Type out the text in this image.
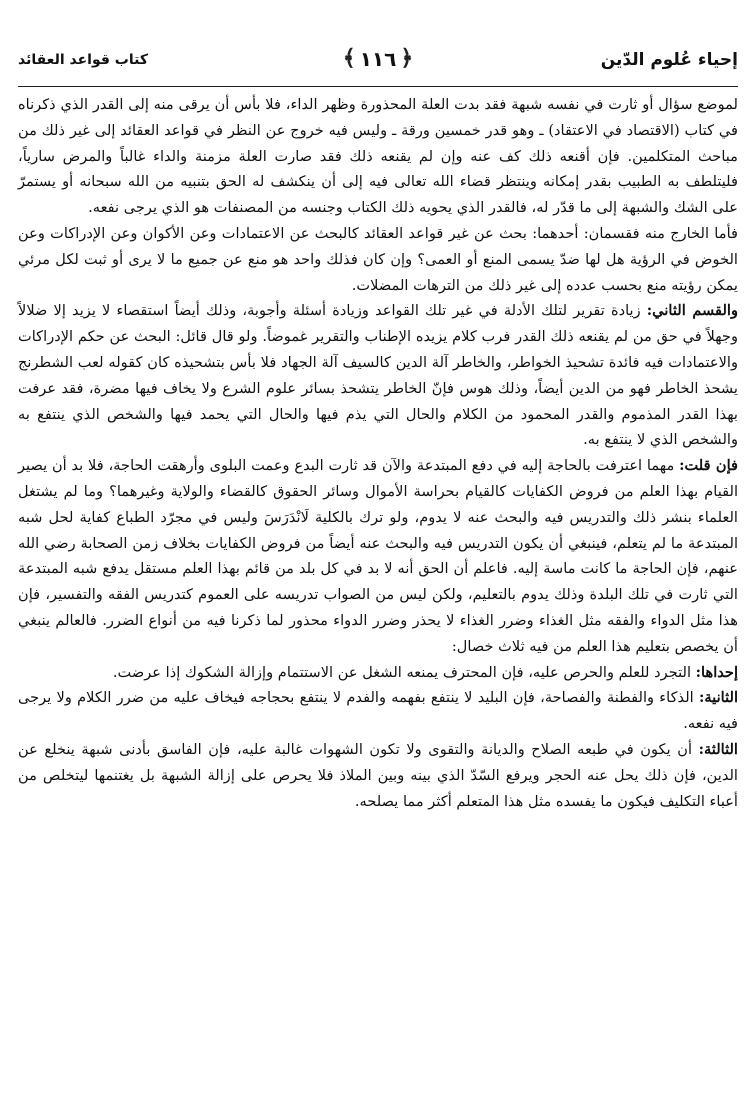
إحياء عُلوم الدّين
﴿
١١٦
﴾
كتاب قواعد العقائد

لموضع سؤال أو ثارت في نفسه شبهة فقد بدت العلة المحذورة وظهر الداء، فلا بأس أن يرقى منه إلى القدر الذي ذكرناه في كتاب (الاقتصاد في الاعتقاد) ـ وهو قدر خمسين ورقة ـ وليس فيه خروج عن النظر في قواعد العقائد إلى غير ذلك من مباحث المتكلمين. فإن أقنعه ذلك كف عنه وإن لم يقنعه ذلك فقد صارت العلة مزمنة والداء غالباً والمرض سارياً، فليتلطف به الطبيب بقدر إمكانه وينتظر قضاء الله تعالى فيه إلى أن ينكشف له الحق بتنبيه من الله سبحانه أو يستمرّ على الشك والشبهة إلى ما قدّر له، فالقدر الذي يحويه ذلك الكتاب وجنسه من المصنفات هو الذي يرجى نفعه.

فأما الخارج منه فقسمان: أحدهما: بحث عن غير قواعد العقائد كالبحث عن الاعتمادات وعن الأكوان وعن الإدراكات وعن الخوض في الرؤية هل لها ضدّ يسمى المنع أو العمى؟ وإن كان فذلك واحد هو منع عن جميع ما لا يرى أو ثبت لكل مرئي يمكن رؤيته منع بحسب عدده إلى غير ذلك من الترهات المضلات.

والقسم الثاني: زيادة تقرير لتلك الأدلة في غير تلك القواعد وزيادة أسئلة وأجوبة، وذلك أيضاً استقصاء لا يزيد إلا ضلالاً وجهلاً في حق من لم يقنعه ذلك القدر فرب كلام يزيده الإطناب والتقرير غموضاً. ولو قال قائل: البحث عن حكم الإدراكات والاعتمادات فيه فائدة تشحيذ الخواطر، والخاطر آلة الدين كالسيف آلة الجهاد فلا بأس بتشحيذه كان كقوله لعب الشطرنج يشحذ الخاطر فهو من الدين أيضاً، وذلك هوس فإنّ الخاطر يتشحذ بسائر علوم الشرع ولا يخاف فيها مضرة، فقد عرفت بهذا القدر المذموم والقدر المحمود من الكلام والحال التي يذم فيها والحال التي يحمد فيها والشخص الذي ينتفع به والشخص الذي لا ينتفع به.

فإن قلت: مهما اعترفت بالحاجة إليه في دفع المبتدعة والآن قد ثارت البدع وعمت البلوى وأرهقت الحاجة، فلا بد أن يصير القيام بهذا العلم من فروض الكفايات كالقيام بحراسة الأموال وسائر الحقوق كالقضاء والولاية وغيرهما؟ وما لم يشتغل العلماء بنشر ذلك والتدريس فيه والبحث عنه لا يدوم، ولو ترك بالكلية لَانْدَرَسَ وليس في مجرّد الطباع كفاية لحل شبه المبتدعة ما لم يتعلم، فينبغي أن يكون التدريس فيه والبحث عنه أيضاً من فروض الكفايات بخلاف زمن الصحابة رضي الله عنهم، فإن الحاجة ما كانت ماسة إليه. فاعلم أن الحق أنه لا بد في كل بلد من قائم بهذا العلم مستقل يدفع شبه المبتدعة التي ثارت في تلك البلدة وذلك يدوم بالتعليم، ولكن ليس من الصواب تدريسه على العموم كتدريس الفقه والتفسير، فإن هذا مثل الدواء والفقه مثل الغذاء وضرر الغذاء لا يحذر وضرر الدواء محذور لما ذكرنا فيه من أنواع الضرر. فالعالم ينبغي أن يخصص بتعليم هذا العلم من فيه ثلاث خصال:

إحداها: التجرد للعلم والحرص عليه، فإن المحترف يمنعه الشغل عن الاستتمام وإزالة الشكوك إذا عرضت.

الثانية: الذكاء والفطنة والفصاحة، فإن البليد لا ينتفع بفهمه والفدم لا ينتفع بحجاجه فيخاف عليه من ضرر الكلام ولا يرجى فيه نفعه.

الثالثة: أن يكون في طبعه الصلاح والديانة والتقوى ولا تكون الشهوات غالبة عليه، فإن الفاسق بأدنى شبهة ينخلع عن الدين، فإن ذلك يحل عنه الحجر ويرفع السّدّ الذي بينه وبين الملاذ فلا يحرص على إزالة الشبهة بل يغتنمها ليتخلص من أعباء التكليف فيكون ما يفسده مثل هذا المتعلم أكثر مما يصلحه.
